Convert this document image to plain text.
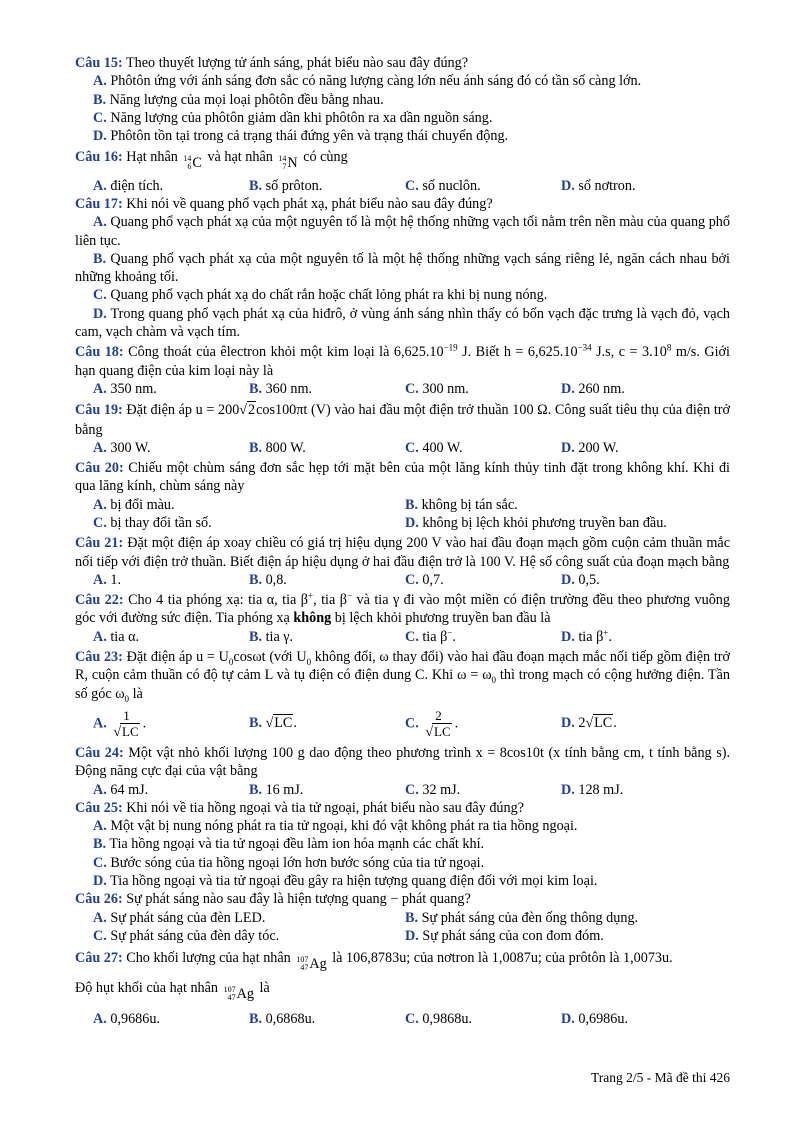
Câu 15: Theo thuyết lượng tử ánh sáng, phát biểu nào sau đây đúng?
A. Phôtôn ứng với ánh sáng đơn sắc có năng lượng càng lớn nếu ánh sáng đó có tần số càng lớn.
B. Năng lượng của mọi loại phôtôn đều bằng nhau.
C. Năng lượng của phôtôn giảm dần khi phôtôn ra xa dần nguồn sáng.
D. Phôtôn tồn tại trong cả trạng thái đứng yên và trạng thái chuyển động.
Câu 16: Hạt nhân 14
6 C và hạt nhân 14
7 N có cùng
A. điện tích.	B. số prôton.	C. số nuclôn.	D. số nơtron.
Câu 17: Khi nói về quang phổ vạch phát xạ, phát biểu nào sau đây đúng?
A. Quang phổ vạch phát xạ của một nguyên tố là một hệ thống những vạch tối nằm trên nền màu của quang phổ liên tục.
B. Quang phổ vạch phát xạ của một nguyên tố là một hệ thống những vạch sáng riêng lẻ, ngăn cách nhau bởi những khoảng tối.
C. Quang phổ vạch phát xạ do chất rắn hoặc chất lỏng phát ra khi bị nung nóng.
D. Trong quang phổ vạch phát xạ của hiđrô, ở vùng ánh sáng nhìn thấy có bốn vạch đặc trưng là vạch đỏ, vạch cam, vạch chàm và vạch tím.
Câu 18: Công thoát của êlectron khỏi một kim loại là $6,625.10^{-19}$ J. Biết $h = 6,625.10^{-34}$ J.s, $c = 3.10^8$ m/s. Giới hạn quang điện của kim loại này là
A. 350 nm.	B. 360 nm.	C. 300 nm.	D. 260 nm.
Câu 19: Đặt điện áp u = 200√2cos100πt (V) vào hai đầu một điện trở thuần 100 Ω. Công suất tiêu thụ của điện trở bằng
A. 300 W.	B. 800 W.	C. 400 W.	D. 200 W.
Câu 20: Chiếu một chùm sáng đơn sắc hẹp tới mặt bên của một lăng kính thủy tinh đặt trong không khí. Khi đi qua lăng kính, chùm sáng này
A. bị đổi màu.	B. không bị tán sắc.
C. bị thay đổi tần số.	D. không bị lệch khỏi phương truyền ban đầu.
Câu 21: Đặt một điện áp xoay chiều có giá trị hiệu dụng 200 V vào hai đầu đoạn mạch gồm cuộn cảm thuần mắc nối tiếp với điện trở thuần. Biết điện áp hiệu dụng ở hai đầu điện trở là 100 V. Hệ số công suất của đoạn mạch bằng
A. 1.	B. 0,8.	C. 0,7.	D. 0,5.
Câu 22: Cho 4 tia phóng xạ: tia α, tia β+, tia β− và tia γ đi vào một miền có điện trường đều theo phương vuông góc với đường sức điện. Tia phóng xạ không bị lệch khỏi phương truyền ban đầu là
A. tia α.	B. tia γ.	C. tia β−.	D. tia β+.
Câu 23: Đặt điện áp $u = U_0\cos\omega t$ (với $U_0$ không đổi, ω thay đổi) vào hai đầu đoạn mạch mắc nối tiếp gồm điện trở R, cuộn cảm thuần có độ tự cảm L và tụ điện có điện dung C. Khi $\omega = \omega_0$ thì trong mạch có cộng hưởng điện. Tần số góc $\omega_0$ là
A. $\frac{1}{√LC}$ .	B. √LC.	C. $\frac{2}{√LC}$ .	D. 2√LC.
Câu 24: Một vật nhỏ khối lượng 100 g dao động theo phương trình x = 8cos10t (x tính bằng cm, t tính bằng s). Động năng cực đại của vật bằng
A. 64 mJ.	B. 16 mJ.	C. 32 mJ.	D. 128 mJ.
Câu 25: Khi nói về tia hồng ngoại và tia tử ngoại, phát biểu nào sau đây đúng?
A. Một vật bị nung nóng phát ra tia tử ngoại, khi đó vật không phát ra tia hồng ngoại.
B. Tia hồng ngoại và tia tử ngoại đều làm ion hóa mạnh các chất khí.
C. Bước sóng của tia hồng ngoại lớn hơn bước sóng của tia tử ngoại.
D. Tia hồng ngoại và tia tử ngoại đều gây ra hiện tượng quang điện đối với mọi kim loại.
Câu 26: Sự phát sáng nào sau đây là hiện tượng quang − phát quang?
A. Sự phát sáng của đèn LED.	B. Sự phát sáng của đèn ống thông dụng.
C. Sự phát sáng của đèn dây tóc.	D. Sự phát sáng của con đom đóm.
Câu 27: Cho khối lượng của hạt nhân 107
47 Ag là 106,8783u; của nơtron là 1,0087u; của prôtôn là 1,0073u.
Độ hụt khối của hạt nhân 107
47 Ag là
A. 0,9686u.	B. 0,6868u.	C. 0,9868u.	D. 0,6986u.
Trang 2/5 - Mã đề thi 426
